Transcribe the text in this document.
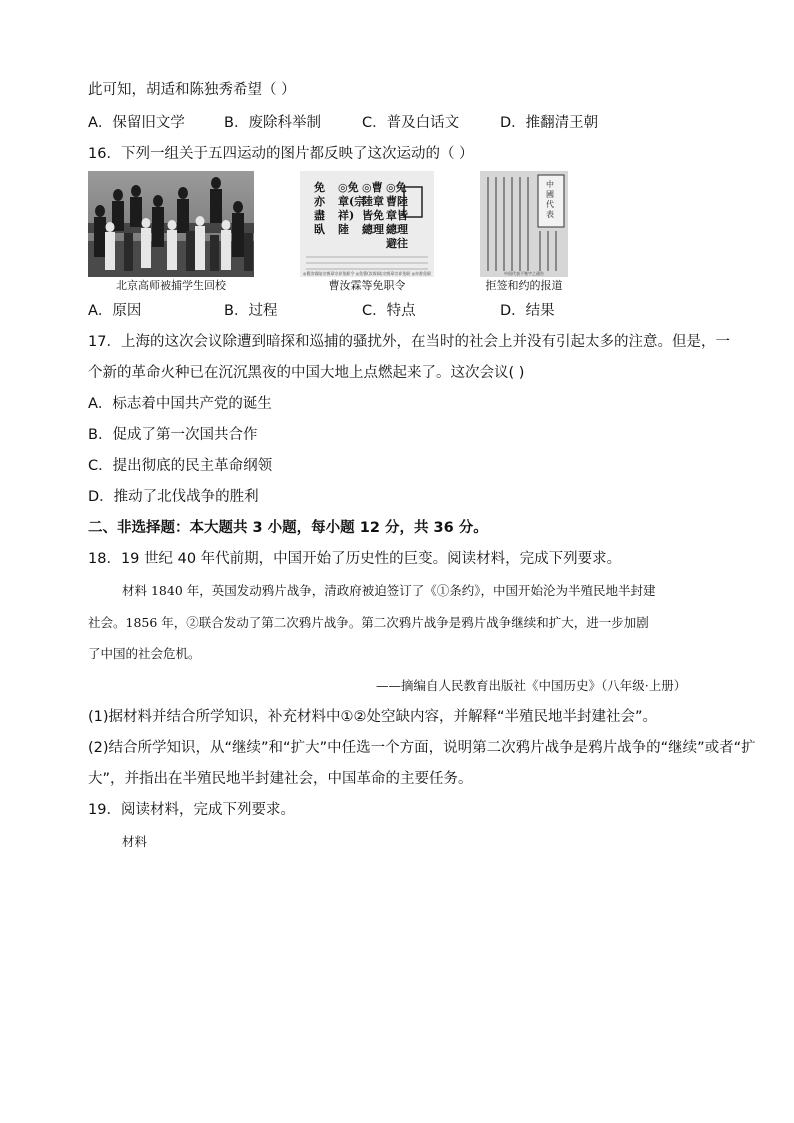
此可知，胡适和陈独秀希望（ ）
A．保留旧文学	B．废除科举制	C．普及白话文	D．推翻清王朝
16．下列一组关于五四运动的图片都反映了这次运动的（ ）
北京高师被捕学生回校
◎免
曹陸
章皆
總理
避往
◎曹
陸章
皆免
總理
◎免
章(宗
祥)
陸
免
亦
盡
臥
◎曹汝霖陆宗舆章宗祥免职令 ◎免曹(汝霖)陆宗舆章宗祥免职 ◎亦准免职
曹汝霖等免职令
中
國
代
表
中国代表不签字之通告
拒签和约的报道
A．原因	B．过程	C．特点	D．结果
17．上海的这次会议除遭到暗探和巡捕的骚扰外，在当时的社会上并没有引起太多的注意。但是，一
个新的革命火种已在沉沉黑夜的中国大地上点燃起来了。这次会议( )
A．标志着中国共产党的诞生
B．促成了第一次国共合作
C．提出彻底的民主革命纲领
D．推动了北伐战争的胜利
二、非选择题：本大题共 3 小题，每小题 12 分，共 36 分。
18．19 世纪 40 年代前期，中国开始了历史性的巨变。阅读材料，完成下列要求。
材料 1840 年，英国发动鸦片战争，清政府被迫签订了《①条约》，中国开始沦为半殖民地半封建
社会。1856 年，②联合发动了第二次鸦片战争。第二次鸦片战争是鸦片战争继续和扩大，进一步加剧
了中国的社会危机。
——摘编自人民教育出版社《中国历史》（八年级·上册）
(1)据材料并结合所学知识，补充材料中①②处空缺内容，并解释“半殖民地半封建社会”。
(2)结合所学知识，从“继续”和“扩大”中任选一个方面，说明第二次鸦片战争是鸦片战争的“继续”或者“扩
大”，并指出在半殖民地半封建社会，中国革命的主要任务。
19．阅读材料，完成下列要求。
材料
